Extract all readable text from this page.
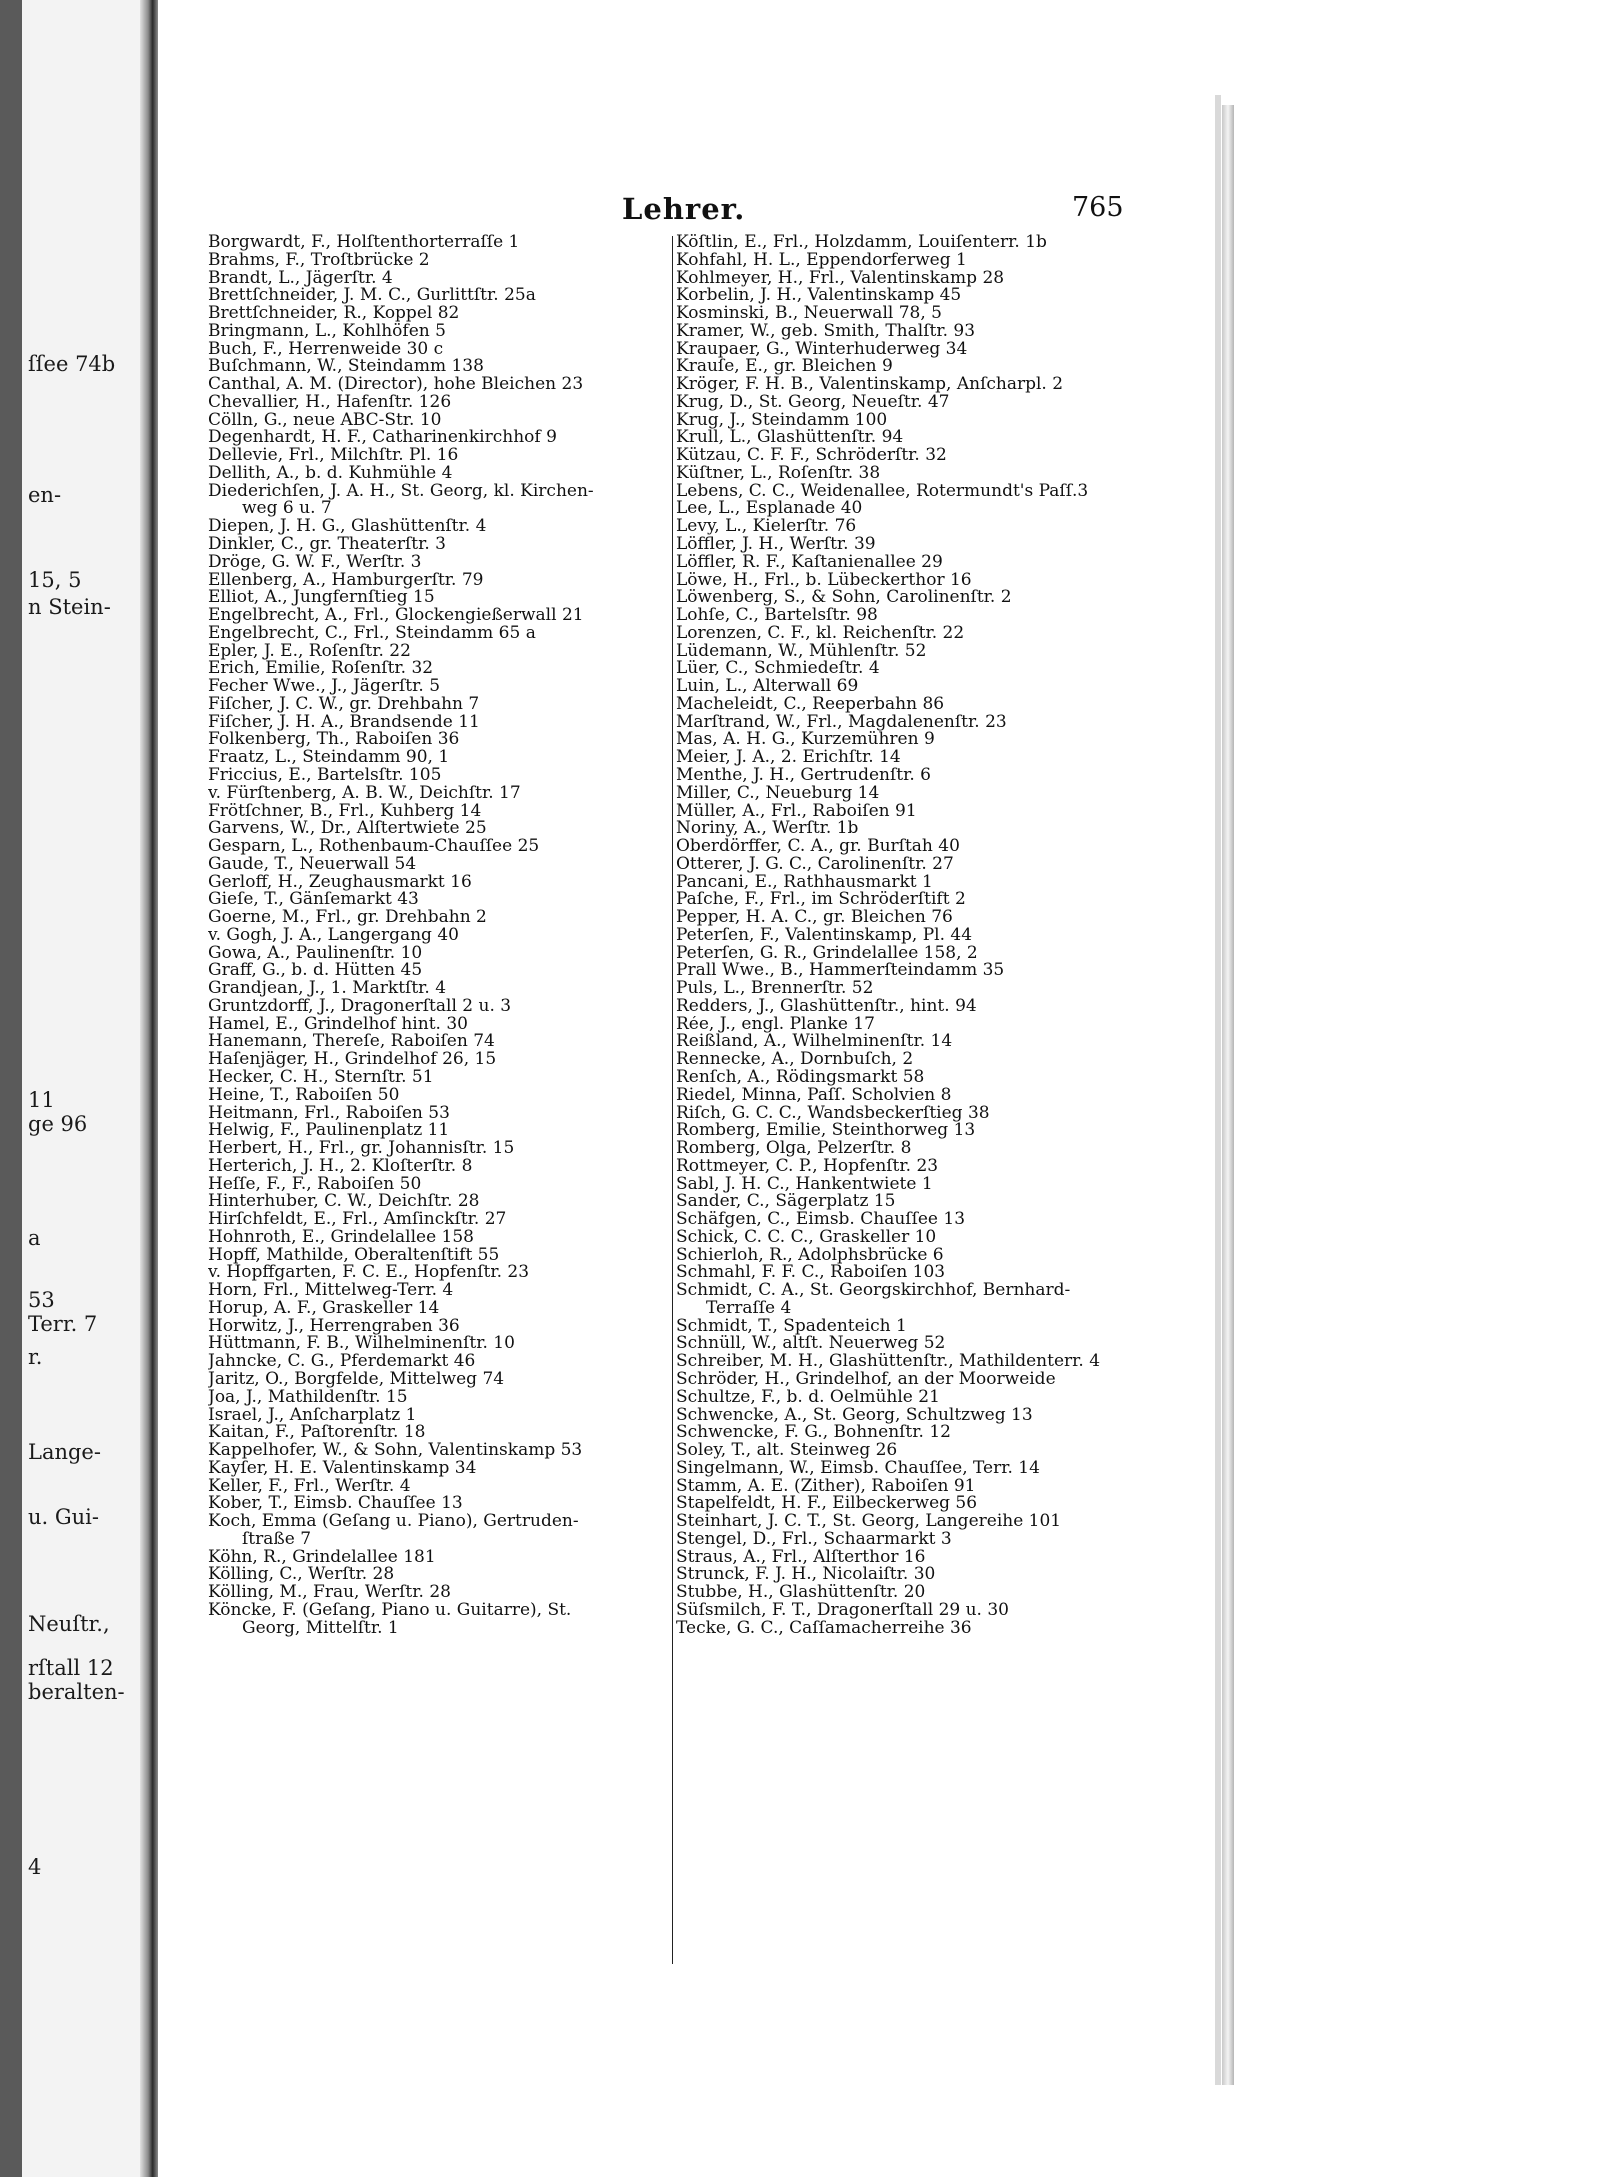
ſſee 74b
en-
15, 5
n Stein-
11
ge 96
a
53
Terr. 7
r.
Lange-
u. Gui-
Neuſtr.,
rſtall 12
beralten-
4
Lehrer.	765
Borgwardt, F., Holſtenthorterraſſe 1
Brahms, F., Troſtbrücke 2
Brandt, L., Jägerſtr. 4
Brettſchneider, J. M. C., Gurlittſtr. 25a
Brettſchneider, R., Koppel 82
Bringmann, L., Kohlhöfen 5
Buch, F., Herrenweide 30 c
Buſchmann, W., Steindamm 138
Canthal, A. M. (Director), hohe Bleichen 23
Chevallier, H., Hafenſtr. 126
Cölln, G., neue ABC-Str. 10
Degenhardt, H. F., Catharinenkirchhof 9
Dellevie, Frl., Milchſtr. Pl. 16
Dellith, A., b. d. Kuhmühle 4
Diederichſen, J. A. H., St. Georg, kl. Kirchen-
weg 6 u. 7
Diepen, J. H. G., Glashüttenſtr. 4
Dinkler, C., gr. Theaterſtr. 3
Dröge, G. W. F., Werſtr. 3
Ellenberg, A., Hamburgerſtr. 79
Elliot, A., Jungfernſtieg 15
Engelbrecht, A., Frl., Glockengießerwall 21
Engelbrecht, C., Frl., Steindamm 65 a
Epler, J. E., Roſenſtr. 22
Erich, Emilie, Roſenſtr. 32
Fecher Wwe., J., Jägerſtr. 5
Fiſcher, J. C. W., gr. Drehbahn 7
Fiſcher, J. H. A., Brandsende 11
Folkenberg, Th., Raboiſen 36
Fraatz, L., Steindamm 90, 1
Friccius, E., Bartelsſtr. 105
v. Fürſtenberg, A. B. W., Deichſtr. 17
Frötſchner, B., Frl., Kuhberg 14
Garvens, W., Dr., Alſtertwiete 25
Gesparn, L., Rothenbaum-Chauſſee 25
Gaude, T., Neuerwall 54
Gerloff, H., Zeughausmarkt 16
Gieſe, T., Gänſemarkt 43
Goerne, M., Frl., gr. Drehbahn 2
v. Gogh, J. A., Langergang 40
Gowa, A., Paulinenſtr. 10
Graff, G., b. d. Hütten 45
Grandjean, J., 1. Marktſtr. 4
Gruntzdorff, J., Dragonerſtall 2 u. 3
Hamel, E., Grindelhof hint. 30
Hanemann, Thereſe, Raboiſen 74
Haſenjäger, H., Grindelhof 26, 15
Hecker, C. H., Sternſtr. 51
Heine, T., Raboiſen 50
Heitmann, Frl., Raboiſen 53
Helwig, F., Paulinenplatz 11
Herbert, H., Frl., gr. Johannisſtr. 15
Herterich, J. H., 2. Kloſterſtr. 8
Heſſe, F., F., Raboiſen 50
Hinterhuber, C. W., Deichſtr. 28
Hirſchfeldt, E., Frl., Amſinckſtr. 27
Hohnroth, E., Grindelallee 158
Hopff, Mathilde, Oberaltenſtift 55
v. Hopffgarten, F. C. E., Hopfenſtr. 23
Horn, Frl., Mittelweg-Terr. 4
Horup, A. F., Graskeller 14
Horwitz, J., Herrengraben 36
Hüttmann, F. B., Wilhelminenſtr. 10
Jahncke, C. G., Pferdemarkt 46
Jaritz, O., Borgfelde, Mittelweg 74
Joa, J., Mathildenſtr. 15
Israel, J., Anſcharplatz 1
Kaitan, F., Paſtorenſtr. 18
Kappelhofer, W., & Sohn, Valentinskamp 53
Kayſer, H. E. Valentinskamp 34
Keller, F., Frl., Werſtr. 4
Kober, T., Eimsb. Chauſſee 13
Koch, Emma (Geſang u. Piano), Gertruden-
ſtraße 7
Köhn, R., Grindelallee 181
Kölling, C., Werſtr. 28
Kölling, M., Frau, Werſtr. 28
Köncke, F. (Geſang, Piano u. Guitarre), St.
Georg, Mittelſtr. 1
Köſtlin, E., Frl., Holzdamm, Louiſenterr. 1b
Kohfahl, H. L., Eppendorferweg 1
Kohlmeyer, H., Frl., Valentinskamp 28
Korbelin, J. H., Valentinskamp 45
Kosminski, B., Neuerwall 78, 5
Kramer, W., geb. Smith, Thalſtr. 93
Kraupaer, G., Winterhuderweg 34
Krauſe, E., gr. Bleichen 9
Kröger, F. H. B., Valentinskamp, Anſcharpl. 2
Krug, D., St. Georg, Neueſtr. 47
Krug, J., Steindamm 100
Krull, L., Glashüttenſtr. 94
Kützau, C. F. F., Schröderſtr. 32
Küſtner, L., Roſenſtr. 38
Lebens, C. C., Weidenallee, Rotermundt's Paſſ.3
Lee, L., Esplanade 40
Levy, L., Kielerſtr. 76
Löffler, J. H., Werſtr. 39
Löffler, R. F., Kaſtanienallee 29
Löwe, H., Frl., b. Lübeckerthor 16
Löwenberg, S., & Sohn, Carolinenſtr. 2
Lohſe, C., Bartelsſtr. 98
Lorenzen, C. F., kl. Reichenſtr. 22
Lüdemann, W., Mühlenſtr. 52
Lüer, C., Schmiedeſtr. 4
Luin, L., Alterwall 69
Macheleidt, C., Reeperbahn 86
Marſtrand, W., Frl., Magdalenenſtr. 23
Mas, A. H. G., Kurzemühren 9
Meier, J. A., 2. Erichſtr. 14
Menthe, J. H., Gertrudenſtr. 6
Miller, C., Neueburg 14
Müller, A., Frl., Raboiſen 91
Noriny, A., Werſtr. 1b
Oberdörffer, C. A., gr. Burſtah 40
Otterer, J. G. C., Carolinenſtr. 27
Pancani, E., Rathhausmarkt 1
Paſche, F., Frl., im Schröderſtift 2
Pepper, H. A. C., gr. Bleichen 76
Peterſen, F., Valentinskamp, Pl. 44
Peterſen, G. R., Grindelallee 158, 2
Prall Wwe., B., Hammerſteindamm 35
Puls, L., Brennerſtr. 52
Redders, J., Glashüttenſtr., hint. 94
Rée, J., engl. Planke 17
Reißland, A., Wilhelminenſtr. 14
Rennecke, A., Dornbuſch, 2
Renſch, A., Rödingsmarkt 58
Riedel, Minna, Paſſ. Scholvien 8
Riſch, G. C. C., Wandsbeckerſtieg 38
Romberg, Emilie, Steinthorweg 13
Romberg, Olga, Pelzerſtr. 8
Rottmeyer, C. P., Hopfenſtr. 23
Sabl, J. H. C., Hankentwiete 1
Sander, C., Sägerplatz 15
Schäfgen, C., Eimsb. Chauſſee 13
Schick, C. C. C., Graskeller 10
Schierloh, R., Adolphsbrücke 6
Schmahl, F. F. C., Raboiſen 103
Schmidt, C. A., St. Georgskirchhof, Bernhard-
Terraſſe 4
Schmidt, T., Spadenteich 1
Schnüll, W., altſt. Neuerweg 52
Schreiber, M. H., Glashüttenſtr., Mathildenterr. 4
Schröder, H., Grindelhof, an der Moorweide
Schultze, F., b. d. Oelmühle 21
Schwencke, A., St. Georg, Schultzweg 13
Schwencke, F. G., Bohnenſtr. 12
Soley, T., alt. Steinweg 26
Singelmann, W., Eimsb. Chauſſee, Terr. 14
Stamm, A. E. (Zither), Raboiſen 91
Stapelfeldt, H. F., Eilbeckerweg 56
Steinhart, J. C. T., St. Georg, Langereihe 101
Stengel, D., Frl., Schaarmarkt 3
Straus, A., Frl., Alſterthor 16
Strunck, F. J. H., Nicolaiſtr. 30
Stubbe, H., Glashüttenſtr. 20
Süſsmilch, F. T., Dragonerſtall 29 u. 30
Tecke, G. C., Caſſamacherreihe 36
